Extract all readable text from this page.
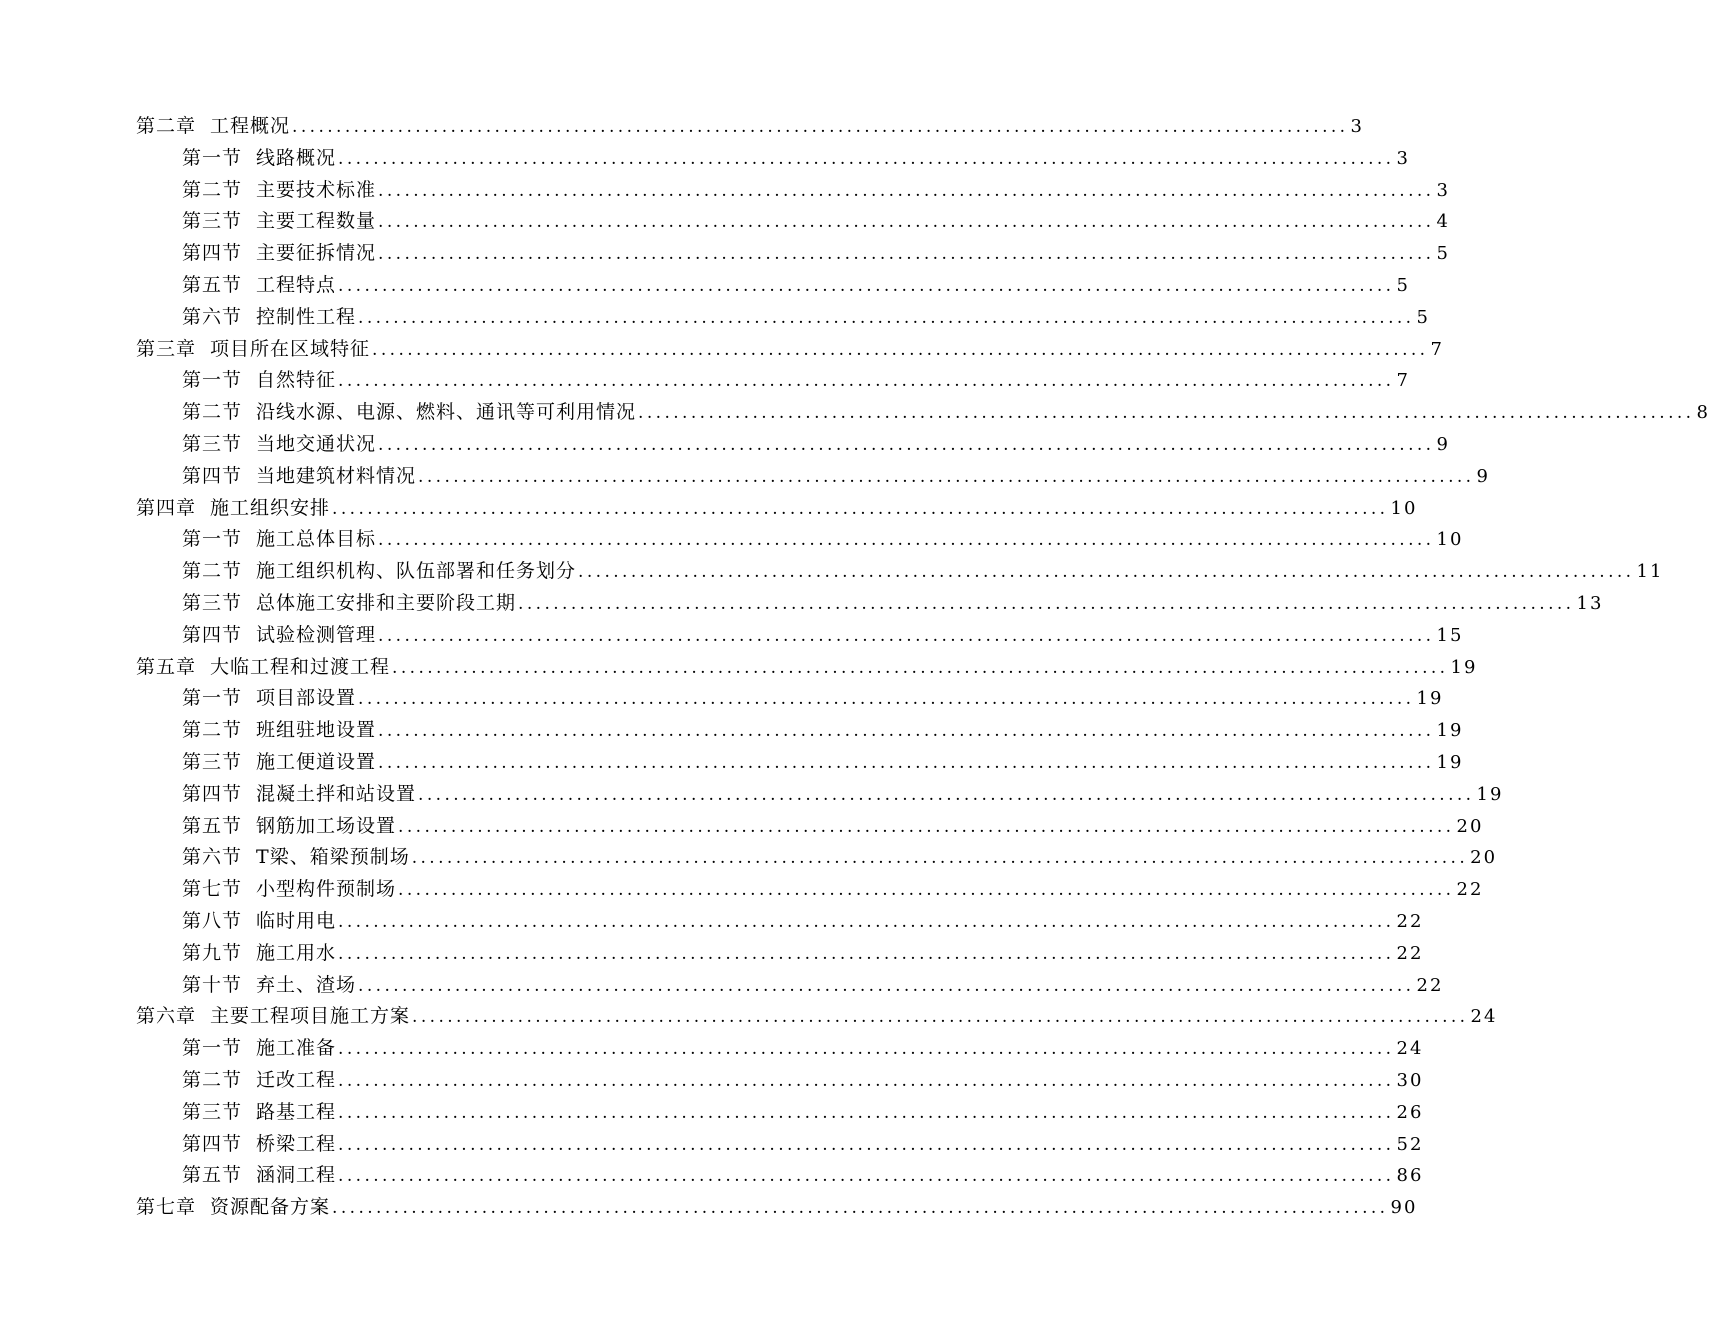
第二章 工程概况 ........................................................................................................................ 3
第一节 线路概况 ........................................................................................................................ 3
第二节 主要技术标准 ........................................................................................................................ 3
第三节 主要工程数量 ........................................................................................................................ 4
第四节 主要征拆情况 ........................................................................................................................ 5
第五节 工程特点 ........................................................................................................................ 5
第六节 控制性工程 ........................................................................................................................ 5
第三章 项目所在区域特征 ........................................................................................................................ 7
第一节 自然特征 ........................................................................................................................ 7
第二节 沿线水源、电源、燃料、通讯等可利用情况 ........................................................................................................................ 8
第三节 当地交通状况 ........................................................................................................................ 9
第四节 当地建筑材料情况 ........................................................................................................................ 9
第四章 施工组织安排 ........................................................................................................................ 10
第一节 施工总体目标 ........................................................................................................................ 10
第二节 施工组织机构、队伍部署和任务划分 ........................................................................................................................ 11
第三节 总体施工安排和主要阶段工期 ........................................................................................................................ 13
第四节 试验检测管理 ........................................................................................................................ 15
第五章 大临工程和过渡工程 ........................................................................................................................ 19
第一节 项目部设置 ........................................................................................................................ 19
第二节 班组驻地设置 ........................................................................................................................ 19
第三节 施工便道设置 ........................................................................................................................ 19
第四节 混凝土拌和站设置 ........................................................................................................................ 19
第五节 钢筋加工场设置 ........................................................................................................................ 20
第六节 T梁、箱梁预制场 ........................................................................................................................ 20
第七节 小型构件预制场 ........................................................................................................................ 22
第八节 临时用电 ........................................................................................................................ 22
第九节 施工用水 ........................................................................................................................ 22
第十节 弃土、渣场 ........................................................................................................................ 22
第六章 主要工程项目施工方案 ........................................................................................................................ 24
第一节 施工准备 ........................................................................................................................ 24
第二节 迁改工程 ........................................................................................................................ 30
第三节 路基工程 ........................................................................................................................ 26
第四节 桥梁工程 ........................................................................................................................ 52
第五节 涵洞工程 ........................................................................................................................ 86
第七章 资源配备方案 ........................................................................................................................ 90
